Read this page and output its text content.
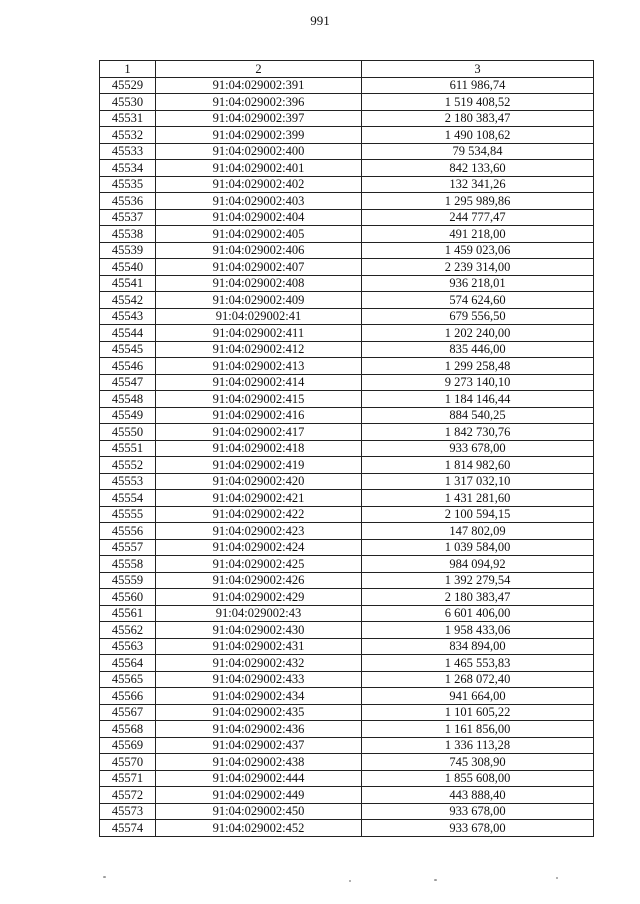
991
1	2	3
45529	91:04:029002:391	611 986,74
45530	91:04:029002:396	1 519 408,52
45531	91:04:029002:397	2 180 383,47
45532	91:04:029002:399	1 490 108,62
45533	91:04:029002:400	79 534,84
45534	91:04:029002:401	842 133,60
45535	91:04:029002:402	132 341,26
45536	91:04:029002:403	1 295 989,86
45537	91:04:029002:404	244 777,47
45538	91:04:029002:405	491 218,00
45539	91:04:029002:406	1 459 023,06
45540	91:04:029002:407	2 239 314,00
45541	91:04:029002:408	936 218,01
45542	91:04:029002:409	574 624,60
45543	91:04:029002:41	679 556,50
45544	91:04:029002:411	1 202 240,00
45545	91:04:029002:412	835 446,00
45546	91:04:029002:413	1 299 258,48
45547	91:04:029002:414	9 273 140,10
45548	91:04:029002:415	1 184 146,44
45549	91:04:029002:416	884 540,25
45550	91:04:029002:417	1 842 730,76
45551	91:04:029002:418	933 678,00
45552	91:04:029002:419	1 814 982,60
45553	91:04:029002:420	1 317 032,10
45554	91:04:029002:421	1 431 281,60
45555	91:04:029002:422	2 100 594,15
45556	91:04:029002:423	147 802,09
45557	91:04:029002:424	1 039 584,00
45558	91:04:029002:425	984 094,92
45559	91:04:029002:426	1 392 279,54
45560	91:04:029002:429	2 180 383,47
45561	91:04:029002:43	6 601 406,00
45562	91:04:029002:430	1 958 433,06
45563	91:04:029002:431	834 894,00
45564	91:04:029002:432	1 465 553,83
45565	91:04:029002:433	1 268 072,40
45566	91:04:029002:434	941 664,00
45567	91:04:029002:435	1 101 605,22
45568	91:04:029002:436	1 161 856,00
45569	91:04:029002:437	1 336 113,28
45570	91:04:029002:438	745 308,90
45571	91:04:029002:444	1 855 608,00
45572	91:04:029002:449	443 888,40
45573	91:04:029002:450	933 678,00
45574	91:04:029002:452	933 678,00
